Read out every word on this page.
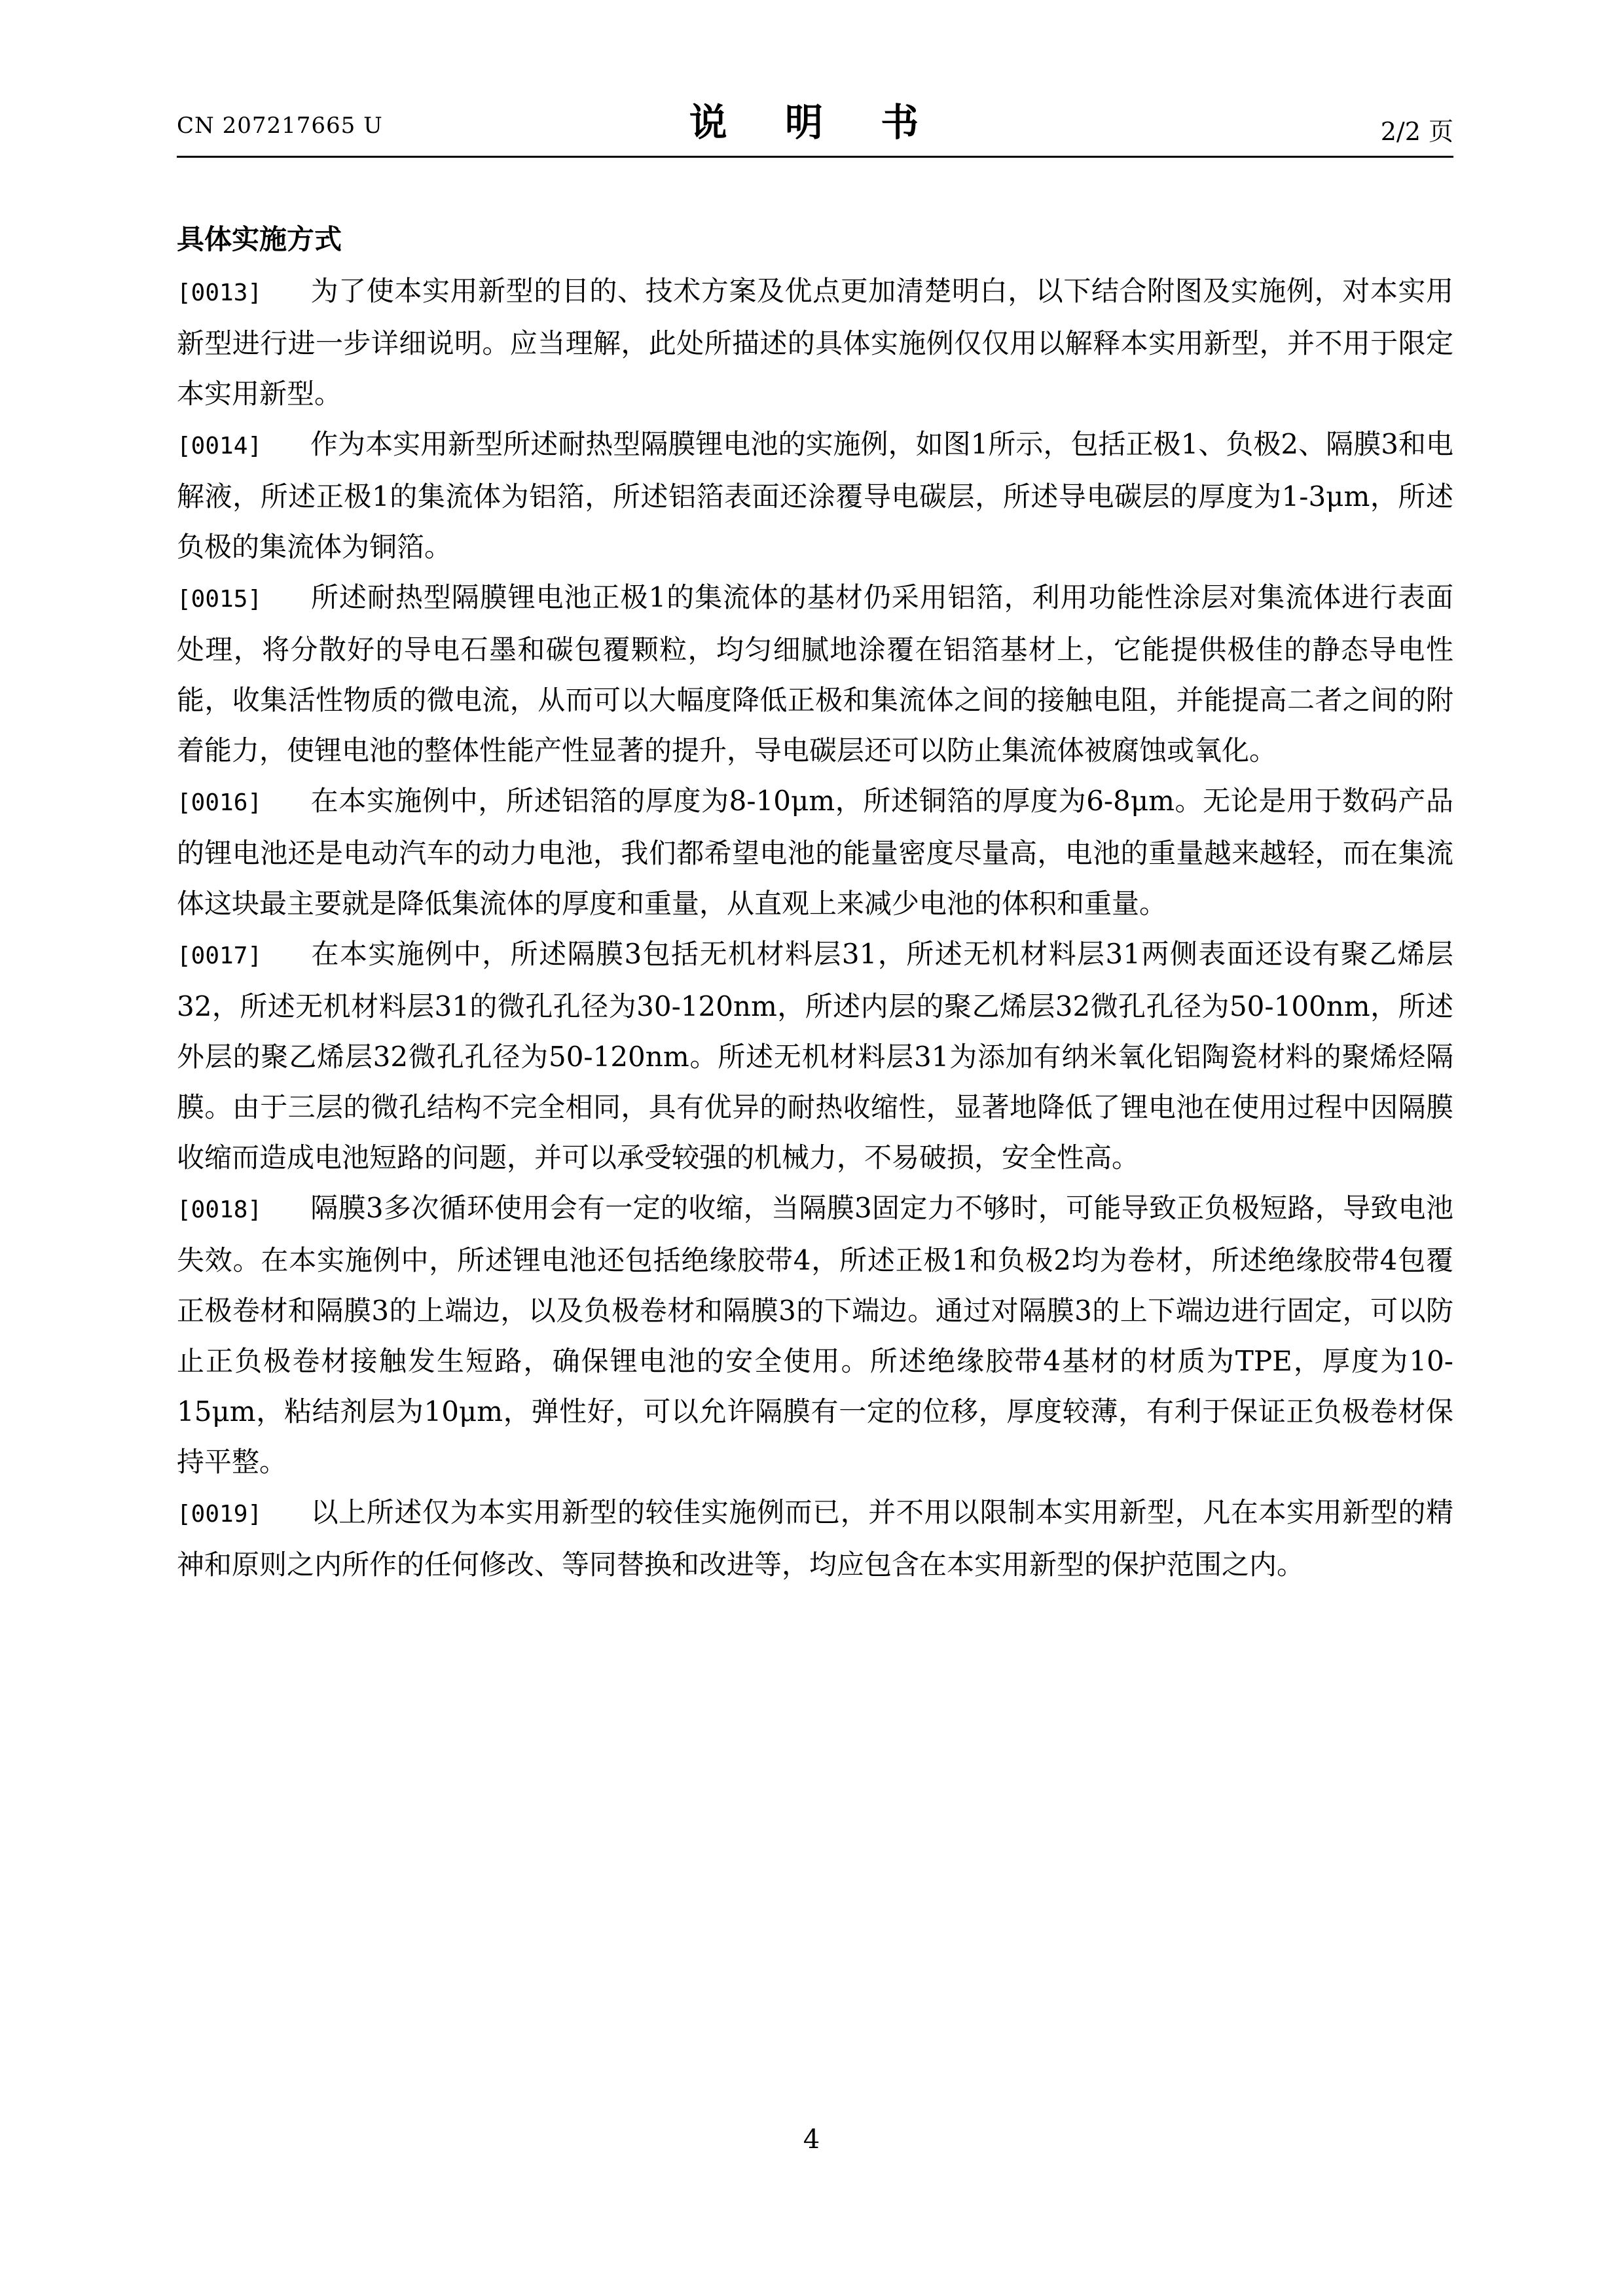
CN 207217665 U	说 明 书	2/2 页
具体实施方式

[0013] 为了使本实用新型的目的、技术方案及优点更加清楚明白，以下结合附图及实施例，对本实用新型进行进一步详细说明。应当理解，此处所描述的具体实施例仅仅用以解释本实用新型，并不用于限定本实用新型。

[0014] 作为本实用新型所述耐热型隔膜锂电池的实施例，如图1所示，包括正极1、负极2、隔膜3和电解液，所述正极1的集流体为铝箔，所述铝箔表面还涂覆导电碳层，所述导电碳层的厚度为1-3μm，所述负极的集流体为铜箔。

[0015] 所述耐热型隔膜锂电池正极1的集流体的基材仍采用铝箔，利用功能性涂层对集流体进行表面处理，将分散好的导电石墨和碳包覆颗粒，均匀细腻地涂覆在铝箔基材上，它能提供极佳的静态导电性能，收集活性物质的微电流，从而可以大幅度降低正极和集流体之间的接触电阻，并能提高二者之间的附着能力，使锂电池的整体性能产性显著的提升，导电碳层还可以防止集流体被腐蚀或氧化。

[0016] 在本实施例中，所述铝箔的厚度为8-10μm，所述铜箔的厚度为6-8μm。无论是用于数码产品的锂电池还是电动汽车的动力电池，我们都希望电池的能量密度尽量高，电池的重量越来越轻，而在集流体这块最主要就是降低集流体的厚度和重量，从直观上来减少电池的体积和重量。

[0017] 在本实施例中，所述隔膜3包括无机材料层31，所述无机材料层31两侧表面还设有聚乙烯层32，所述无机材料层31的微孔孔径为30-120nm，所述内层的聚乙烯层32微孔孔径为50-100nm，所述外层的聚乙烯层32微孔孔径为50-120nm。所述无机材料层31为添加有纳米氧化铝陶瓷材料的聚烯烃隔膜。由于三层的微孔结构不完全相同，具有优异的耐热收缩性，显著地降低了锂电池在使用过程中因隔膜收缩而造成电池短路的问题，并可以承受较强的机械力，不易破损，安全性高。

[0018] 隔膜3多次循环使用会有一定的收缩，当隔膜3固定力不够时，可能导致正负极短路，导致电池失效。在本实施例中，所述锂电池还包括绝缘胶带4，所述正极1和负极2均为卷材，所述绝缘胶带4包覆正极卷材和隔膜3的上端边，以及负极卷材和隔膜3的下端边。通过对隔膜3的上下端边进行固定，可以防止正负极卷材接触发生短路，确保锂电池的安全使用。所述绝缘胶带4基材的材质为TPE，厚度为10-15μm，粘结剂层为10μm，弹性好，可以允许隔膜有一定的位移，厚度较薄，有利于保证正负极卷材保持平整。

[0019] 以上所述仅为本实用新型的较佳实施例而已，并不用以限制本实用新型，凡在本实用新型的精神和原则之内所作的任何修改、等同替换和改进等，均应包含在本实用新型的保护范围之内。

4
